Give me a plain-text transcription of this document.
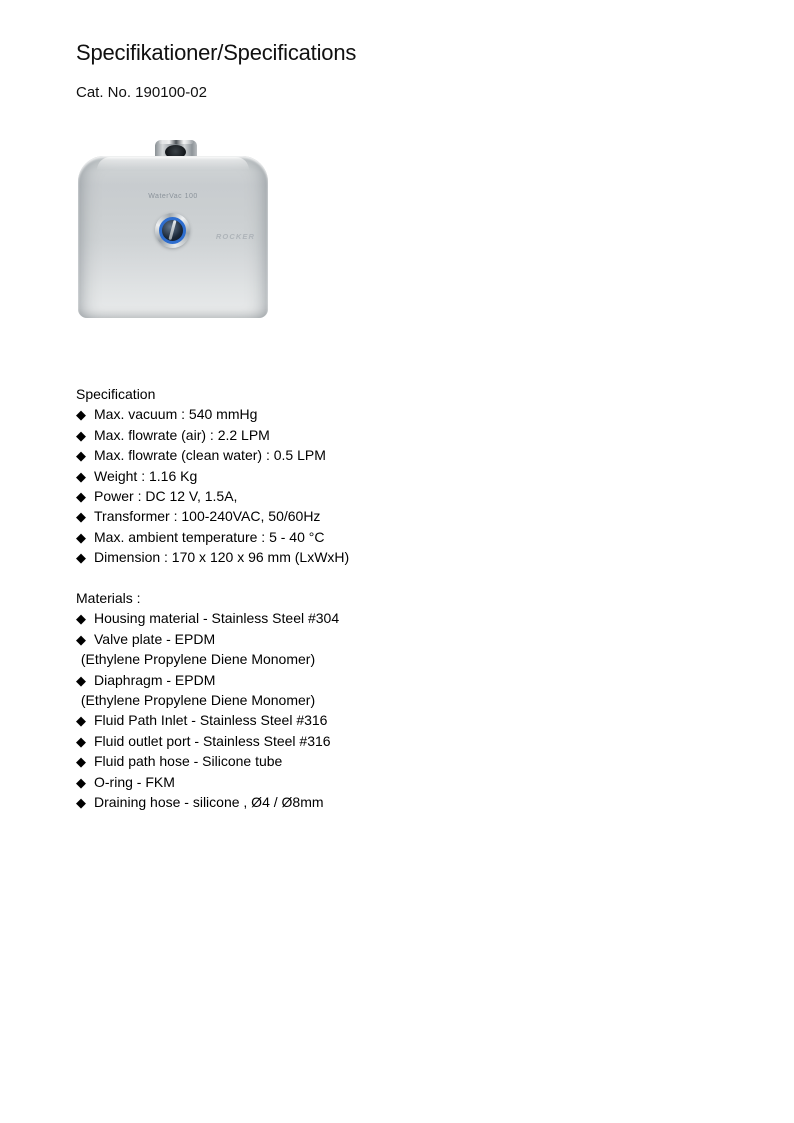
Specifikationer/Specifications
Cat. No. 190100-02
WaterVac 100
ROCKER
Specification
◆ Max. vacuum : 540 mmHg
◆ Max. flowrate (air) : 2.2 LPM
◆ Max. flowrate (clean water) : 0.5 LPM
◆ Weight : 1.16 Kg
◆ Power : DC 12 V, 1.5A,
◆ Transformer : 100-240VAC, 50/60Hz
◆ Max. ambient temperature : 5 - 40 °C
◆ Dimension : 170 x 120 x 96 mm (LxWxH)
Materials :
◆ Housing material - Stainless Steel #304
◆ Valve plate - EPDM
(Ethylene Propylene Diene Monomer)
◆ Diaphragm - EPDM
(Ethylene Propylene Diene Monomer)
◆ Fluid Path Inlet - Stainless Steel #316
◆ Fluid outlet port - Stainless Steel #316
◆ Fluid path hose - Silicone tube
◆ O-ring - FKM
◆ Draining hose - silicone , Ø4 / Ø8mm
